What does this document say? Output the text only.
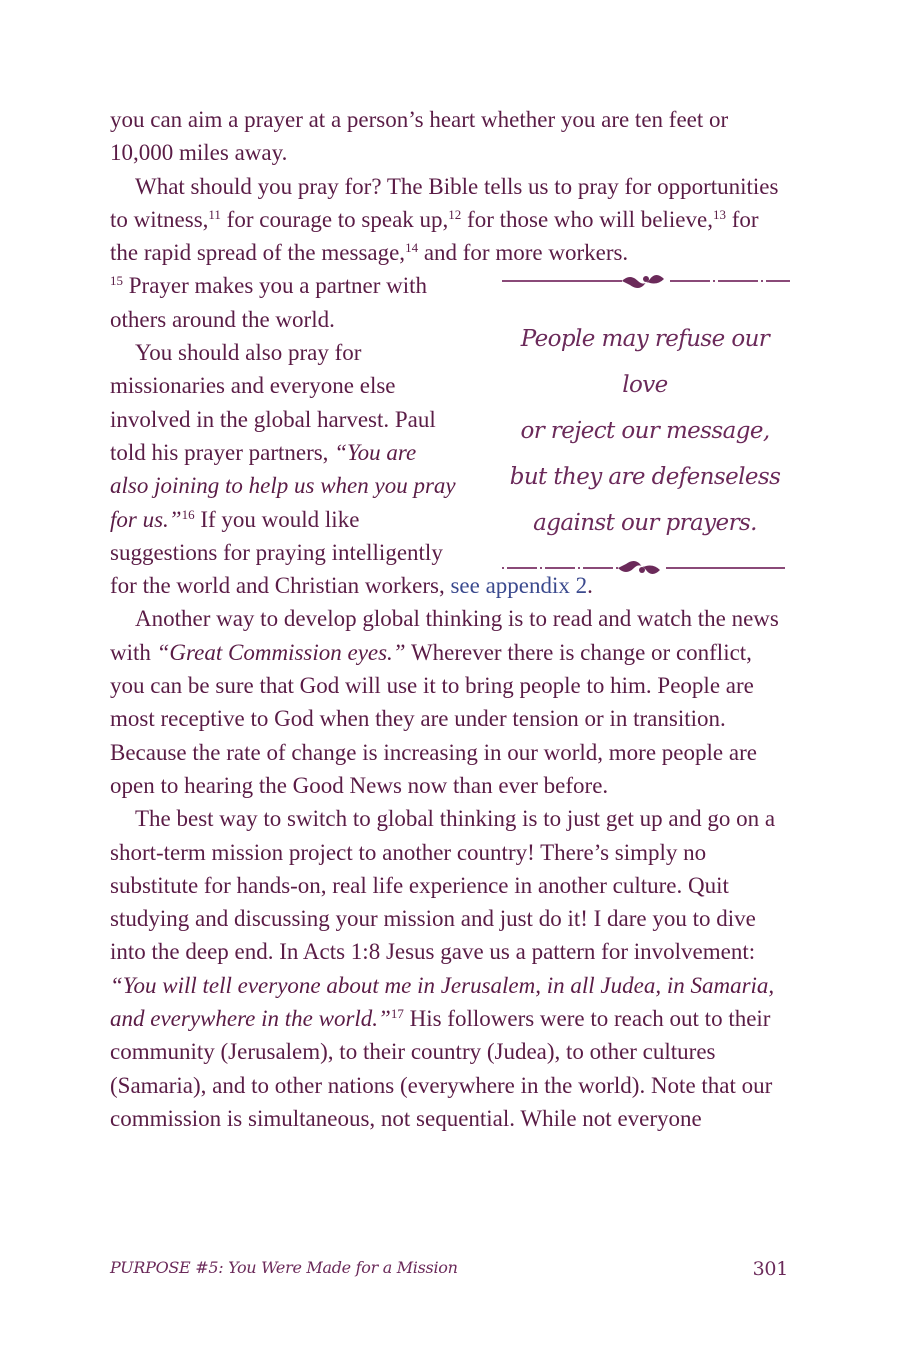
you can aim a prayer at a person’s heart whether you are ten feet or 10,000 miles away.

What should you pray for? The Bible tells us to pray for opportunities to witness,$^{11}$ for courage to speak up,$^{12}$ for those who will believe,$^{13}$ for the rapid spread of the message,$^{14}$ and for more workers.

People may refuse our love
or reject our message,
but they are defenseless
against our prayers.
$^{15}$ Prayer makes you a partner with others around the world.

You should also pray for missionaries and everyone else involved in the global harvest. Paul told his prayer partners, “You are also joining to help us when you pray for us.”$^{16}$ If you would like suggestions for praying intelligently for the world and Christian workers, see appendix 2.

Another way to develop global thinking is to read and watch the news with “Great Commission eyes.” Wherever there is change or conflict, you can be sure that God will use it to bring people to him. People are most receptive to God when they are under tension or in transition. Because the rate of change is increasing in our world, more people are open to hearing the Good News now than ever before.

The best way to switch to global thinking is to just get up and go on a short-term mission project to another country! There’s simply no substitute for hands-on, real life experience in another culture. Quit studying and discussing your mission and just do it! I dare you to dive into the deep end. In Acts 1:8 Jesus gave us a pattern for involvement: “You will tell everyone about me in Jerusalem, in all Judea, in Samaria, and everywhere in the world.”$^{17}$ His followers were to reach out to their community (Jerusalem), to their country (Judea), to other cultures (Samaria), and to other nations (everywhere in the world). Note that our commission is simultaneous, not sequential. While not everyone

PURPOSE #5: You Were Made for a Mission	301
